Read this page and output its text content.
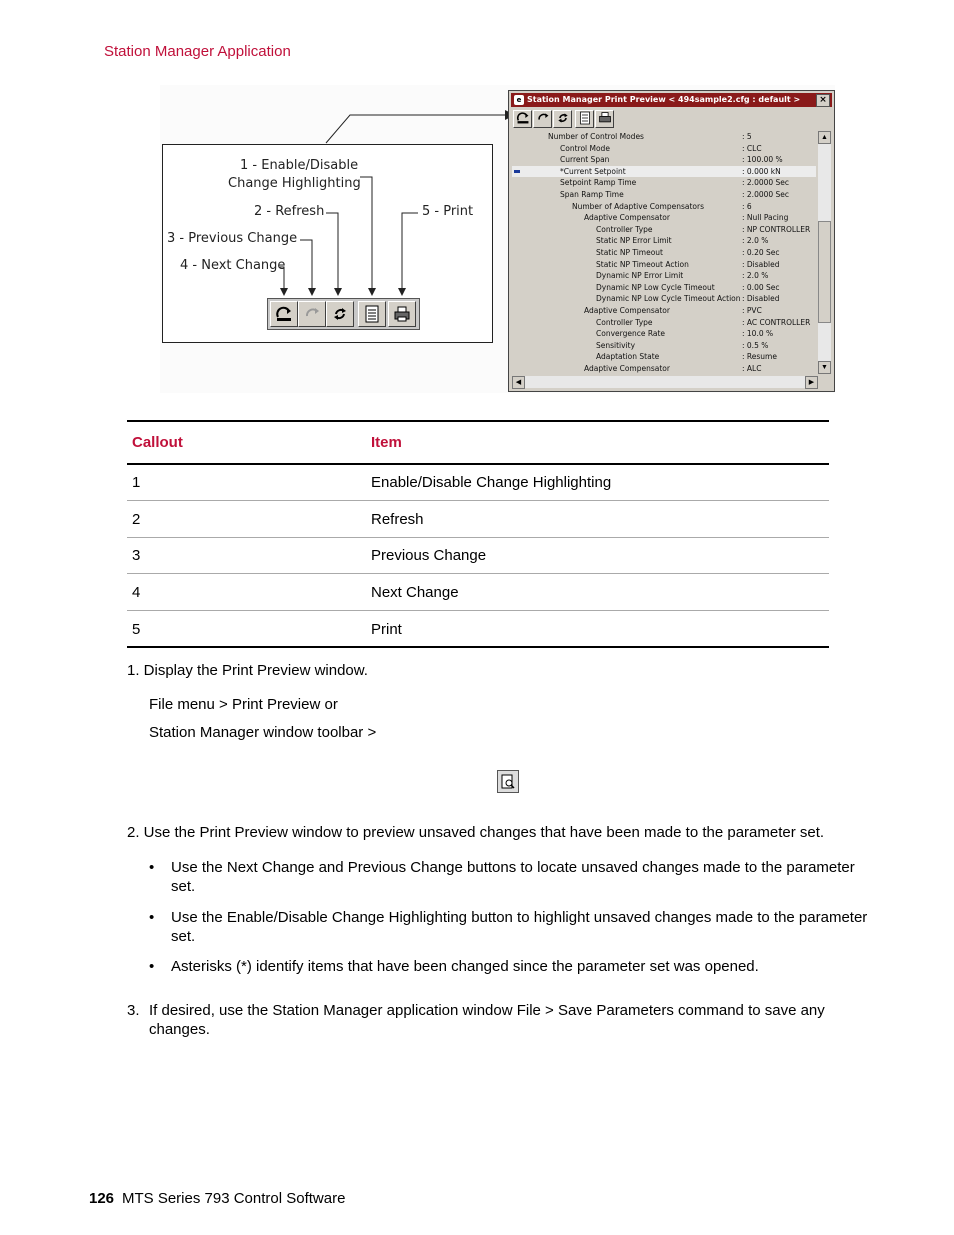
Station Manager Application
1 - Enable/Disable
Change Highlighting
2 - Refresh	5 - Print
3 - Previous Change
4 - Next Change
e Station Manager Print Preview < 494sample2.cfg : default >	×
Number of Control Modes	: 5
Control Mode	: CLC
Current Span	: 100.00 %
*Current Setpoint	: 0.000 kN
Setpoint Ramp Time	: 2.0000 Sec
Span Ramp Time	: 2.0000 Sec
Number of Adaptive Compensators	: 6
Adaptive Compensator	: Null Pacing
Controller Type	: NP CONTROLLER
Static NP Error Limit	: 2.0 %
Static NP Timeout	: 0.20 Sec
Static NP Timeout Action	: Disabled
Dynamic NP Error Limit	: 2.0 %
Dynamic NP Low Cycle Timeout	: 0.00 Sec
Dynamic NP Low Cycle Timeout Action : Disabled
Adaptive Compensator	: PVC
Controller Type	: AC CONTROLLER
Convergence Rate	: 10.0 %
Sensitivity	: 0.5 %
Adaptation State	: Resume
Adaptive Compensator	: ALC
▲
▼
◀	▶
Callout	Item
1	Enable/Disable Change Highlighting
2	Refresh
3	Previous Change
4	Next Change
5	Print
1. Display the Print Preview window.
File menu > Print Preview or
Station Manager window toolbar >
2. Use the Print Preview window to preview unsaved changes that have been made to the parameter set.
• Use the Next Change and Previous Change buttons to locate unsaved changes made to the parameter set.
• Use the Enable/Disable Change Highlighting button to highlight unsaved changes made to the parameter set.
• Asterisks (*) identify items that have been changed since the parameter set was opened.
3. If desired, use the Station Manager application window File > Save Parameters command to save any changes.
126 MTS Series 793 Control Software
